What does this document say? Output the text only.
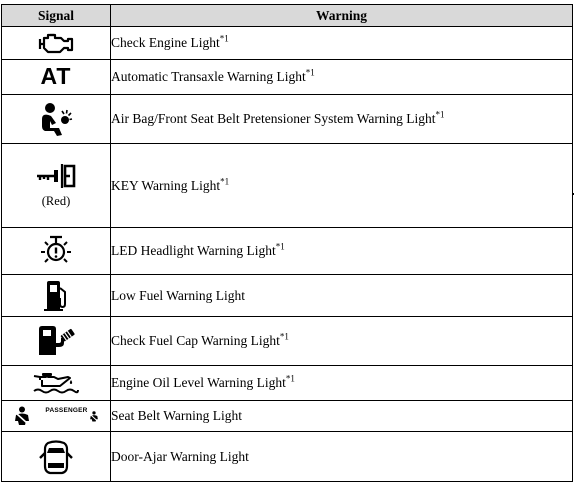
Signal	Warning

	Check Engine Light$^{*1}$
AT	Automatic Transaxle Warning Light$^{*1}$

	Air Bag/Front Seat Belt Pretensioner System Warning Light$^{*1}$

(Red)	KEY Warning Light$^{*1}$

	LED Headlight Warning Light$^{*1}$

	Low Fuel Warning Light

	Check Fuel Cap Warning Light$^{*1}$

	Engine Oil Level Warning Light$^{*1}$

PASSENGER	Seat Belt Warning Light

	Door-Ajar Warning Light
